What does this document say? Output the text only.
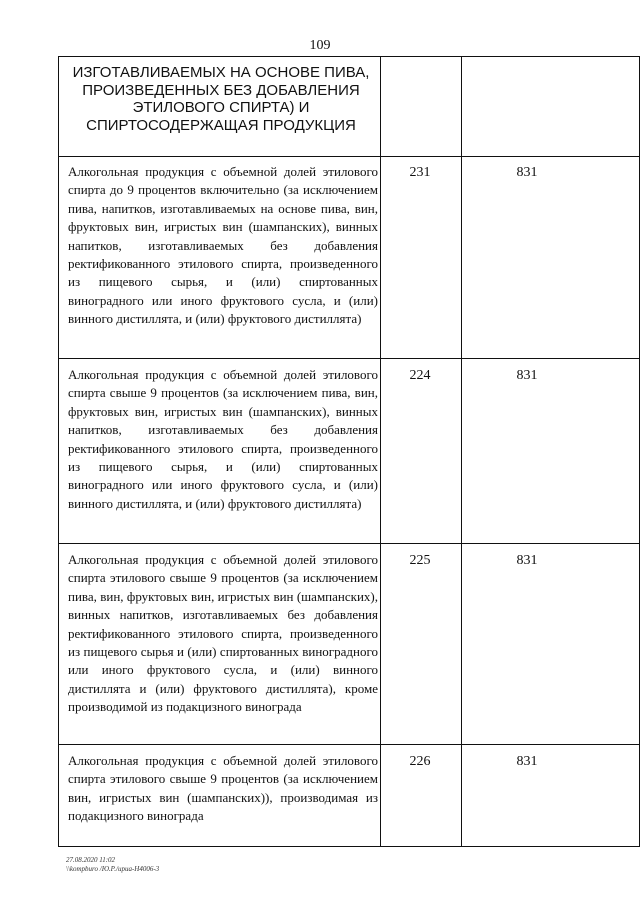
109
ИЗГОТАВЛИВАЕМЫХ НА ОСНОВЕ ПИВА, ПРОИЗВЕДЕННЫХ БЕЗ ДОБАВЛЕНИЯ ЭТИЛОВОГО СПИРТА) И СПИРТОСОДЕРЖАЩАЯ ПРОДУКЦИЯ
Алкогольная продукция с объемной долей этилового спирта до 9 процентов включительно (за исключением пива, напитков, изготавливаемых на основе пива, вин, фруктовых вин, игристых вин (шампанских), винных напитков, изготавливаемых без добавления ректификованного этилового спирта, произведенного из пищевого сырья, и (или) спиртованных виноградного или иного фруктового сусла, и (или) винного дистиллята, и (или) фруктового дистиллята)
231	831
Алкогольная продукция с объемной долей этилового спирта свыше 9 процентов (за исключением пива, вин, фруктовых вин, игристых вин (шампанских), винных напитков, изготавливаемых без добавления ректификованного этилового спирта, произведенного из пищевого сырья, и (или) спиртованных виноградного или иного фруктового сусла, и (или) винного дистиллята, и (или) фруктового дистиллята)
224	831
Алкогольная продукция с объемной долей этилового спирта этилового свыше 9 процентов (за исключением пива, вин, фруктовых вин, игристых вин (шампанских), винных напитков, изготавливаемых без добавления ректификованного этилового спирта, произведенного из пищевого сырья и (или) спиртованных виноградного или иного фруктового сусла, и (или) винного дистиллята и (или) фруктового дистиллята), кроме производимой из подакцизного винограда
225	831
Алкогольная продукция с объемной долей этилового спирта этилового свыше 9 процентов (за исключением вин, игристых вин (шампанских)), производимая из подакцизного винограда
226	831
27.08.2020 11:02
\\kompburo /Ю.Р./ириа-Н4006-3
